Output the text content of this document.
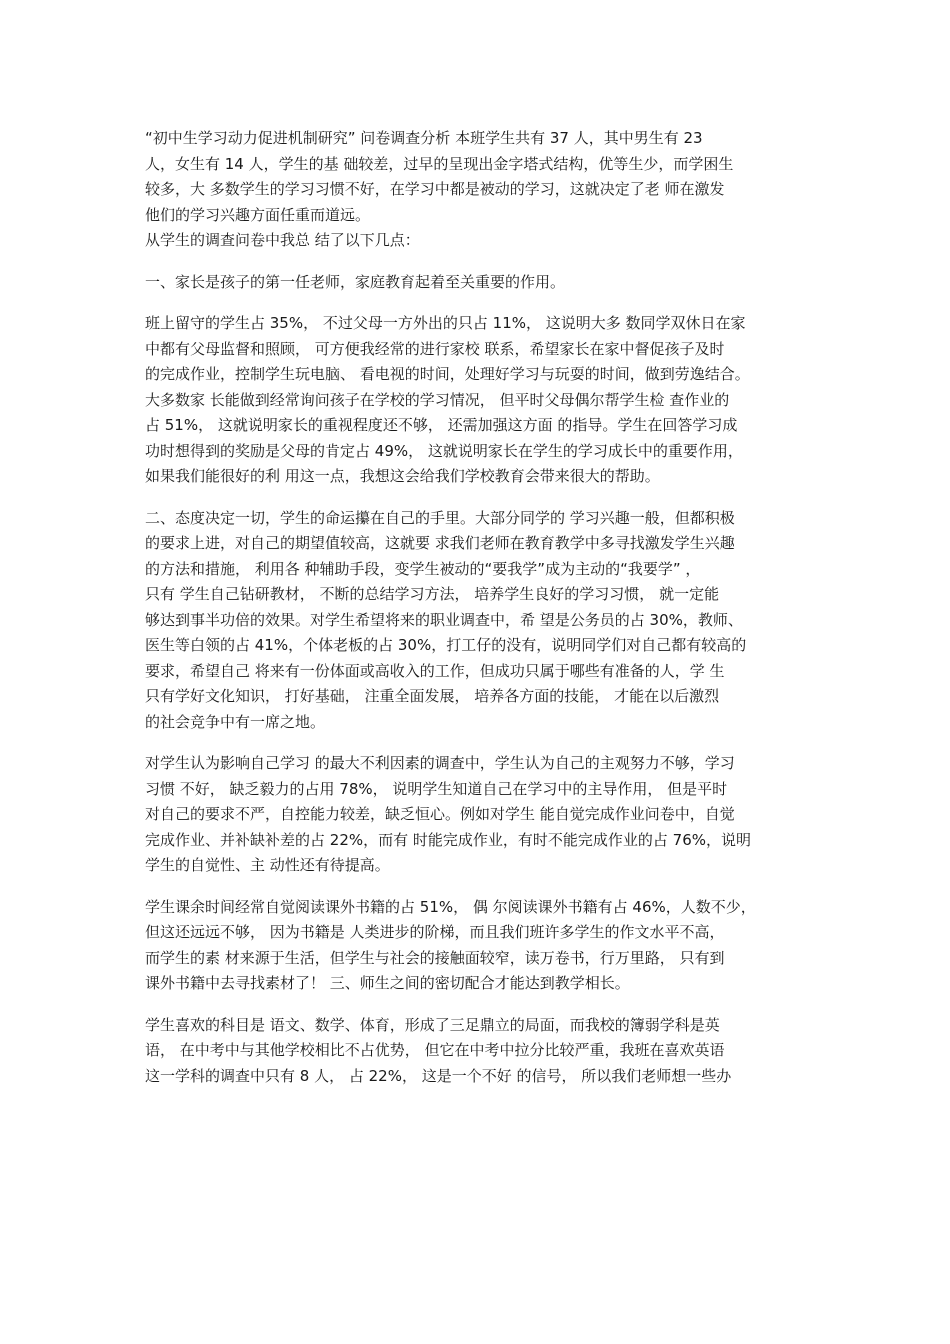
“初中生学习动力促进机制研究” 问卷调查分析 本班学生共有 37 人，其中男生有 23
人，女生有 14 人，学生的基 础较差，过早的呈现出金字塔式结构，优等生少，而学困生
较多，大 多数学生的学习习惯不好，在学习中都是被动的学习，这就决定了老 师在激发
他们的学习兴趣方面任重而道远。
从学生的调查问卷中我总 结了以下几点：
一、家长是孩子的第一任老师，家庭教育起着至关重要的作用。
班上留守的学生占 35%， 不过父母一方外出的只占 11%， 这说明大多 数同学双休日在家
中都有父母监督和照顾， 可方便我经常的进行家校 联系，希望家长在家中督促孩子及时
的完成作业，控制学生玩电脑、 看电视的时间，处理好学习与玩耍的时间，做到劳逸结合。
大多数家 长能做到经常询问孩子在学校的学习情况， 但平时父母偶尔帮学生检 查作业的
占 51%， 这就说明家长的重视程度还不够， 还需加强这方面 的指导。学生在回答学习成
功时想得到的奖励是父母的肯定占 49%， 这就说明家长在学生的学习成长中的重要作用，
如果我们能很好的利 用这一点，我想这会给我们学校教育会带来很大的帮助。
二、态度决定一切，学生的命运攥在自己的手里。大部分同学的 学习兴趣一般，但都积极
的要求上进，对自己的期望值较高，这就要 求我们老师在教育教学中多寻找激发学生兴趣
的方法和措施， 利用各 种辅助手段，变学生被动的“要我学”成为主动的“我要学” ，
只有 学生自己钻研教材， 不断的总结学习方法， 培养学生良好的学习习惯， 就一定能
够达到事半功倍的效果。对学生希望将来的职业调查中，希 望是公务员的占 30%，教师、
医生等白领的占 41%，个体老板的占 30%，打工仔的没有，说明同学们对自己都有较高的
要求，希望自己 将来有一份体面或高收入的工作，但成功只属于哪些有准备的人，学 生
只有学好文化知识， 打好基础， 注重全面发展， 培养各方面的技能， 才能在以后激烈
的社会竞争中有一席之地。
对学生认为影响自己学习 的最大不利因素的调查中，学生认为自己的主观努力不够，学习
习惯 不好， 缺乏毅力的占用 78%， 说明学生知道自己在学习中的主导作用， 但是平时
对自己的要求不严，自控能力较差，缺乏恒心。例如对学生 能自觉完成作业问卷中，自觉
完成作业、并补缺补差的占 22%，而有 时能完成作业，有时不能完成作业的占 76%，说明
学生的自觉性、主 动性还有待提高。
学生课余时间经常自觉阅读课外书籍的占 51%， 偶 尔阅读课外书籍有占 46%，人数不少，
但这还远远不够， 因为书籍是 人类进步的阶梯，而且我们班许多学生的作文水平不高，
而学生的素 材来源于生活，但学生与社会的接触面较窄，读万卷书，行万里路， 只有到
课外书籍中去寻找素材了！ 三、师生之间的密切配合才能达到教学相长。
学生喜欢的科目是 语文、数学、体育，形成了三足鼎立的局面，而我校的簿弱学科是英
语， 在中考中与其他学校相比不占优势， 但它在中考中拉分比较严重，我班在喜欢英语
这一学科的调查中只有 8 人， 占 22%， 这是一个不好 的信号， 所以我们老师想一些办
